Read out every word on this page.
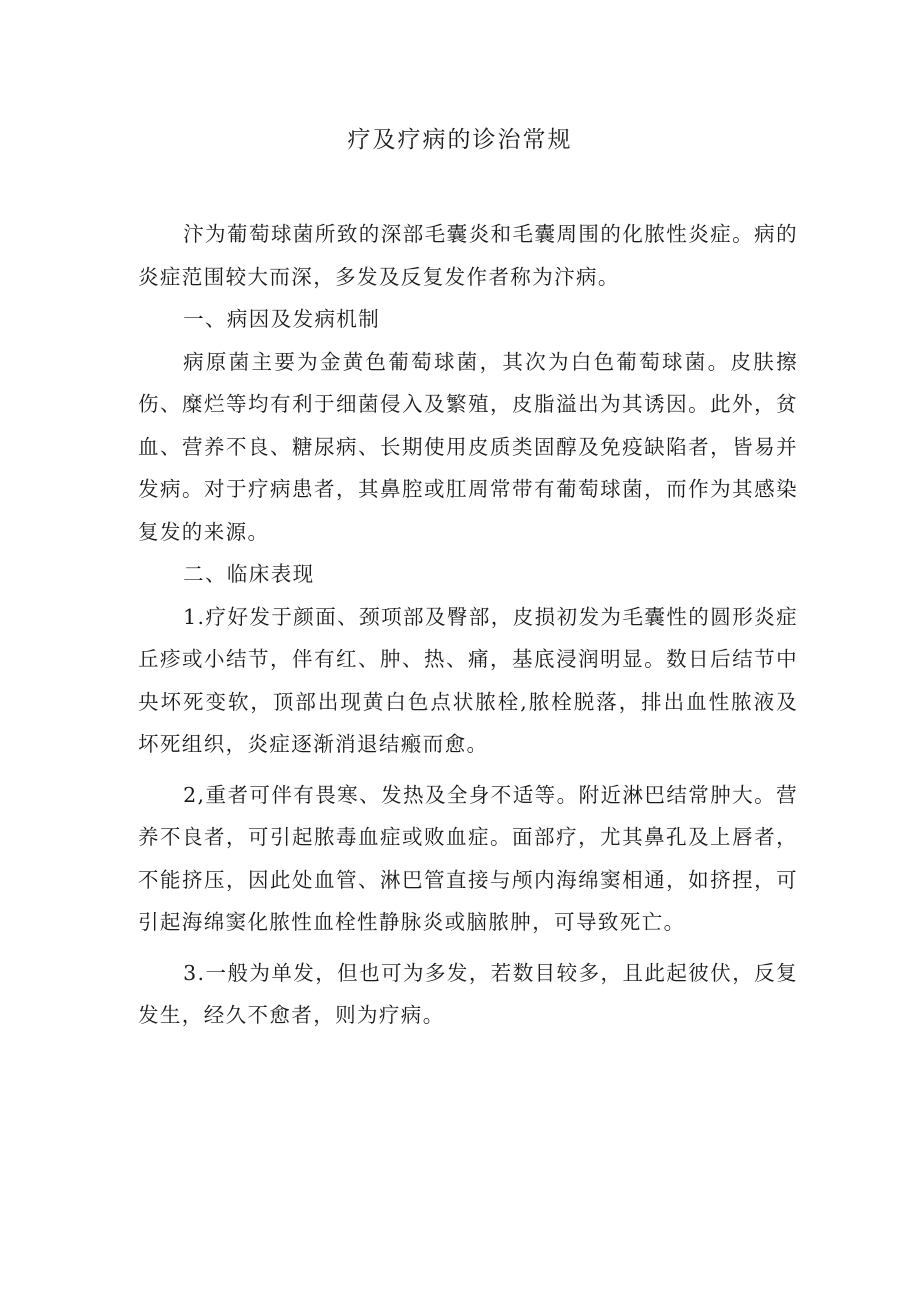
疗及疗病的诊治常规

汴为葡萄球菌所致的深部毛囊炎和毛囊周围的化脓性炎症。病的炎症范围较大而深，多发及反复发作者称为汴病。

一、病因及发病机制

病原菌主要为金黄色葡萄球菌，其次为白色葡萄球菌。皮肤擦伤、糜烂等均有利于细菌侵入及繁殖，皮脂溢出为其诱因。此外，贫血、营养不良、糖尿病、长期使用皮质类固醇及免疫缺陷者，皆易并发病。对于疗病患者，其鼻腔或肛周常带有葡萄球菌，而作为其感染复发的来源。

二、临床表现

1.疗好发于颜面、颈项部及臀部，皮损初发为毛囊性的圆形炎症丘疹或小结节，伴有红、肿、热、痛，基底浸润明显。数日后结节中央坏死变软，顶部出现黄白色点状脓栓,脓栓脱落，排出血性脓液及坏死组织，炎症逐渐消退结瘢而愈。

2,重者可伴有畏寒、发热及全身不适等。附近淋巴结常肿大。营养不良者，可引起脓毒血症或败血症。面部疗，尤其鼻孔及上唇者，不能挤压，因此处血管、淋巴管直接与颅内海绵窦相通，如挤捏，可引起海绵窦化脓性血栓性静脉炎或脑脓肿，可导致死亡。

3.一般为单发，但也可为多发，若数目较多，且此起彼伏，反复发生，经久不愈者，则为疗病。
